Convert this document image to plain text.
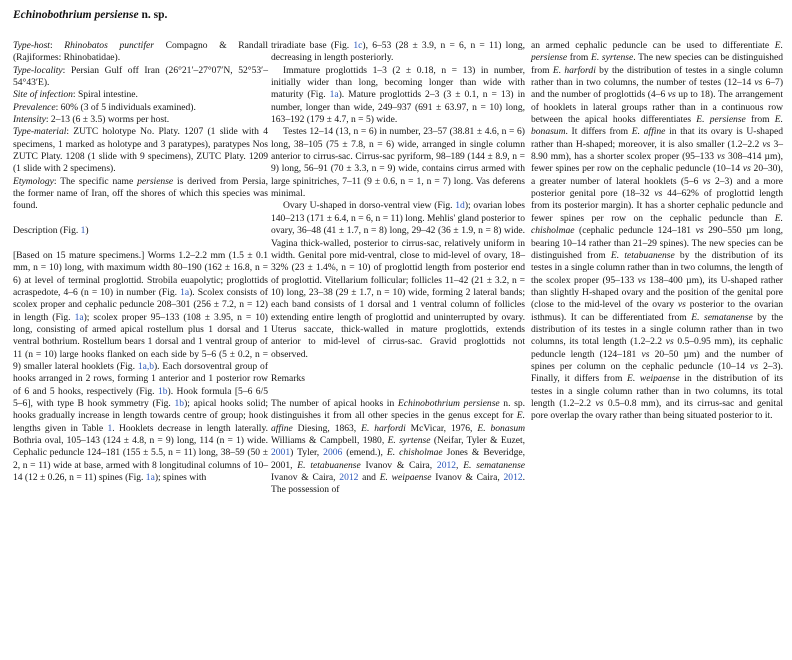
Echinobothrium persiense n. sp.

Type-host: Rhinobatos punctifer Compagno & Randall (Rajiformes: Rhinobatidae).

Type-locality: Persian Gulf off Iran (26°21′–27°07′N, 52°53′–54°43′E).

Site of infection: Spiral intestine.

Prevalence: 60% (3 of 5 individuals examined).

Intensity: 2–13 (6 ± 3.5) worms per host.

Type-material: ZUTC holotype No. Platy. 1207 (1 slide with 4 specimens, 1 marked as holotype and 3 paratypes), paratypes Nos ZUTC Platy. 1208 (1 slide with 9 specimens), ZUTC Platy. 1209 (1 slide with 2 specimens).

Etymology: The specific name persiense is derived from Persia, the former name of Iran, off the shores of which this species was found.

Description (Fig. 1)

[Based on 15 mature specimens.] Worms 1.2–2.2 mm (1.5 ± 0.1 mm, n = 10) long, with maximum width 80–190 (162 ± 16.8, n = 6) at level of terminal proglottid. Strobila euapolytic; proglottids acraspedote, 4–6 (n = 10) in number (Fig. 1a). Scolex consists of scolex proper and cephalic peduncle 208–301 (256 ± 7.2, n = 12) in length (Fig. 1a); scolex proper 95–133 (108 ± 3.95, n = 10) long, consisting of armed apical rostellum plus 1 dorsal and 1 ventral bothrium. Rostellum bears 1 dorsal and 1 ventral group of 11 (n = 10) large hooks flanked on each side by 5–6 (5 ± 0.2, n = 9) smaller lateral hooklets (Fig. 1a,b). Each dorsoventral group of hooks arranged in 2 rows, forming 1 anterior and 1 posterior row of 6 and 5 hooks, respectively (Fig. 1b). Hook formula [5–6 6/5 5–6], with type B hook symmetry (Fig. 1b); apical hooks solid; hooks gradually increase in length towards centre of group; hook lengths given in Table 1. Hooklets decrease in length laterally. Bothria oval, 105–143 (124 ± 4.8, n = 9) long, 114 (n = 1) wide. Cephalic peduncle 124–181 (155 ± 5.5, n = 11) long, 38–59 (50 ± 2, n = 11) wide at base, armed with 8 longitudinal columns of 10–14 (12 ± 0.26, n = 11) spines (Fig. 1a); spines with

triradiate base (Fig. 1c), 6–53 (28 ± 3.9, n = 6, n = 11) long, decreasing in length posteriorly.

Immature proglottids 1–3 (2 ± 0.18, n = 13) in number, initially wider than long, becoming longer than wide with maturity (Fig. 1a). Mature proglottids 2–3 (3 ± 0.1, n = 13) in number, longer than wide, 249–937 (691 ± 63.97, n = 10) long, 163–192 (179 ± 4.7, n = 5) wide.

Testes 12–14 (13, n = 6) in number, 23–57 (38.81 ± 4.6, n = 6) long, 38–105 (75 ± 7.8, n = 6) wide, arranged in single column anterior to cirrus-sac. Cirrus-sac pyriform, 98–189 (144 ± 8.9, n = 9) long, 56–91 (70 ± 3.3, n = 9) wide, contains cirrus armed with large spinitriches, 7–11 (9 ± 0.6, n = 1, n = 7) long. Vas deferens minimal.

Ovary U-shaped in dorso-ventral view (Fig. 1d); ovarian lobes 140–213 (171 ± 6.4, n = 6, n = 11) long. Mehlis' gland posterior to ovary, 36–48 (41 ± 1.7, n = 8) long, 29–42 (36 ± 1.9, n = 8) wide. Vagina thick-walled, posterior to cirrus-sac, relatively uniform in width. Genital pore mid-ventral, close to mid-level of ovary, 18–32% (23 ± 1.4%, n = 10) of proglottid length from posterior end of proglottid. Vitellarium follicular; follicles 11–42 (21 ± 3.2, n = 10) long, 23–38 (29 ± 1.7, n = 10) wide, forming 2 lateral bands; each band consists of 1 dorsal and 1 ventral column of follicles extending entire length of proglottid and uninterrupted by ovary. Uterus saccate, thick-walled in mature proglottids, extends anterior to mid-level of cirrus-sac. Gravid proglottids not observed.

Remarks

The number of apical hooks in Echinobothrium persiense n. sp. distinguishes it from all other species in the genus except for E. affine Diesing, 1863, E. harfordi McVicar, 1976, E. bonasum Williams & Campbell, 1980, E. syrtense (Neifar, Tyler & Euzet, 2001) Tyler, 2006 (emend.), E. chisholmae Jones & Beveridge, 2001, E. tetabuanense Ivanov & Caira, 2012, E. sematanense Ivanov & Caira, 2012 and E. weipaense Ivanov & Caira, 2012. The possession of

an armed cephalic peduncle can be used to differentiate E. persiense from E. syrtense. The new species can be distinguished from E. harfordi by the distribution of testes in a single column rather than in two columns, the number of testes (12–14 vs 6–7) and the number of proglottids (4–6 vs up to 18). The arrangement of hooklets in lateral groups rather than in a continuous row between the apical hooks differentiates E. persiense from E. bonasum. It differs from E. affine in that its ovary is U-shaped rather than H-shaped; moreover, it is also smaller (1.2–2.2 vs 3–8.90 mm), has a shorter scolex proper (95–133 vs 308–414 µm), fewer spines per row on the cephalic peduncle (10–14 vs 20–30), a greater number of lateral hooklets (5–6 vs 2–3) and a more posterior genital pore (18–32 vs 44–62% of proglottid length from its posterior margin). It has a shorter cephalic peduncle and fewer spines per row on the cephalic peduncle than E. chisholmae (cephalic peduncle 124–181 vs 290–550 µm long, bearing 10–14 rather than 21–29 spines). The new species can be distinguished from E. tetabuanense by the distribution of its testes in a single column rather than in two columns, the length of the scolex proper (95–133 vs 138–400 µm), its U-shaped rather than slightly H-shaped ovary and the position of the genital pore (close to the mid-level of the ovary vs posterior to the ovarian isthmus). It can be differentiated from E. sematanense by the distribution of its testes in a single column rather than in two columns, its total length (1.2–2.2 vs 0.5–0.95 mm), its cephalic peduncle length (124–181 vs 20–50 µm) and the number of spines per column on the cephalic peduncle (10–14 vs 2–3). Finally, it differs from E. weipaense in the distribution of its testes in a single column rather than in two columns, its total length (1.2–2.2 vs 0.5–0.8 mm), and its cirrus-sac and genital pore overlap the ovary rather than being situated posterior to it.
